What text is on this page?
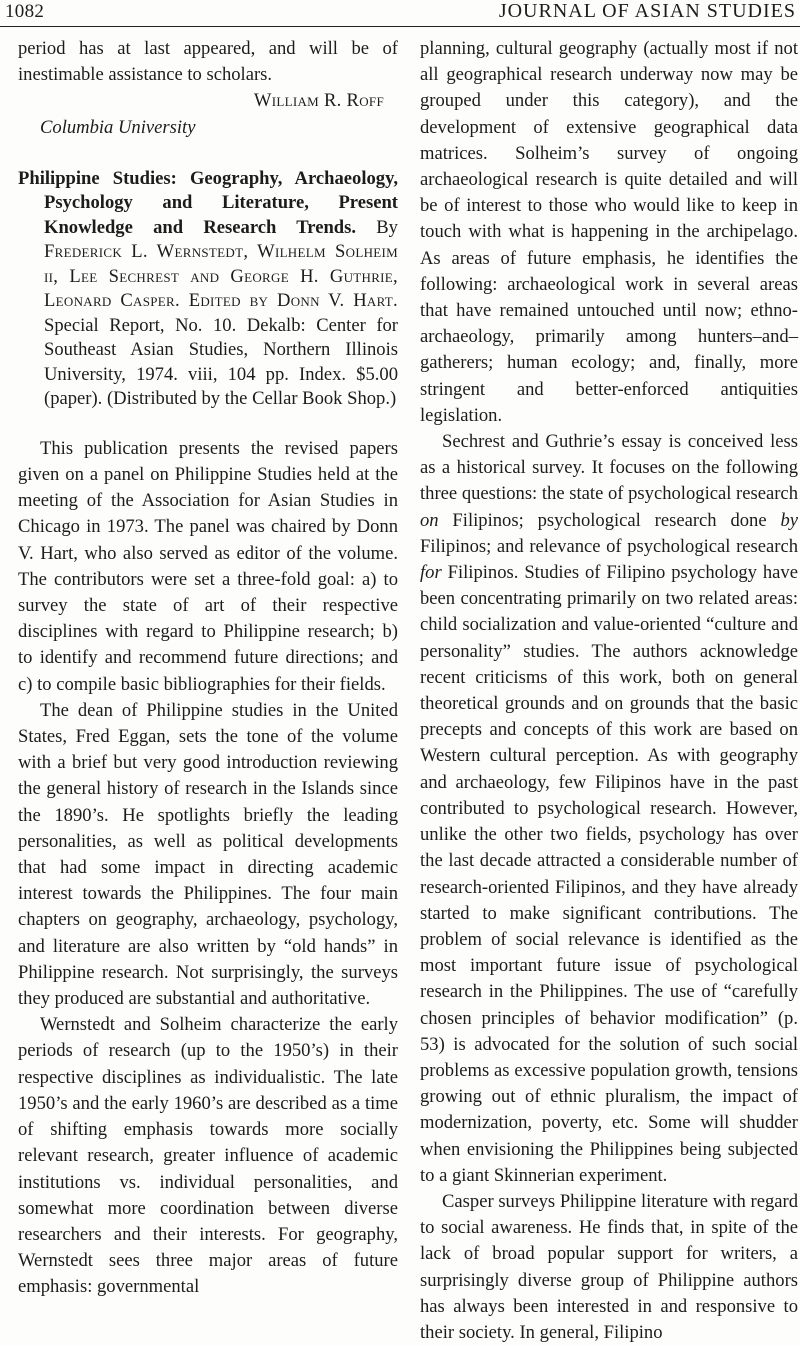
1082	JOURNAL OF ASIAN STUDIES

period has at last appeared, and will be of inestimable assistance to scholars.

William R. Roff

Columbia University

Philippine Studies: Geography, Archaeology, Psychology and Literature, Present Knowledge and Research Trends. By Frederick L. Wernstedt, Wilhelm Solheim ii, Lee Sechrest and George H. Guthrie, Leonard Casper. Edited by Donn V. Hart. Special Report, No. 10. Dekalb: Center for Southeast Asian Studies, Northern Illinois University, 1974. viii, 104 pp. Index. $5.00 (paper). (Distributed by the Cellar Book Shop.)

This publication presents the revised papers given on a panel on Philippine Studies held at the meeting of the Association for Asian Studies in Chicago in 1973. The panel was chaired by Donn V. Hart, who also served as editor of the volume. The contributors were set a three-fold goal: a) to survey the state of art of their respective disciplines with regard to Philippine research; b) to identify and recommend future directions; and c) to compile basic bibliographies for their fields.

The dean of Philippine studies in the United States, Fred Eggan, sets the tone of the volume with a brief but very good introduction reviewing the general history of research in the Islands since the 1890’s. He spotlights briefly the leading personalities, as well as political developments that had some impact in directing academic interest towards the Philippines. The four main chapters on geography, archaeology, psychology, and literature are also written by “old hands” in Philippine research. Not surprisingly, the surveys they produced are substantial and authoritative.

Wernstedt and Solheim characterize the early periods of research (up to the 1950’s) in their respective disciplines as individualistic. The late 1950’s and the early 1960’s are described as a time of shifting emphasis towards more socially relevant research, greater influence of academic institutions vs. individual personalities, and somewhat more coordination between diverse researchers and their interests. For geography, Wernstedt sees three major areas of future emphasis: governmental

planning, cultural geography (actually most if not all geographical research underway now may be grouped under this category), and the development of extensive geographical data matrices. Solheim’s survey of ongoing archaeological research is quite detailed and will be of interest to those who would like to keep in touch with what is happening in the archipelago. As areas of future emphasis, he identifies the following: archaeological work in several areas that have remained untouched until now; ethno-archaeology, primarily among hunters–and–gatherers; human ecology; and, finally, more stringent and better-enforced antiquities legislation.

Sechrest and Guthrie’s essay is conceived less as a historical survey. It focuses on the following three questions: the state of psychological research on Filipinos; psychological research done by Filipinos; and relevance of psychological research for Filipinos. Studies of Filipino psychology have been concentrating primarily on two related areas: child socialization and value-oriented “culture and personality” studies. The authors acknowledge recent criticisms of this work, both on general theoretical grounds and on grounds that the basic precepts and concepts of this work are based on Western cultural perception. As with geography and archaeology, few Filipinos have in the past contributed to psychological research. However, unlike the other two fields, psychology has over the last decade attracted a considerable number of research-oriented Filipinos, and they have already started to make significant contributions. The problem of social relevance is identified as the most important future issue of psychological research in the Philippines. The use of “carefully chosen principles of behavior modification” (p. 53) is advocated for the solution of such social problems as excessive population growth, tensions growing out of ethnic pluralism, the impact of modernization, poverty, etc. Some will shudder when envisioning the Philippines being subjected to a giant Skinnerian experiment.

Casper surveys Philippine literature with regard to social awareness. He finds that, in spite of the lack of broad popular support for writers, a surprisingly diverse group of Philippine authors has always been interested in and responsive to their society. In general, Filipino
